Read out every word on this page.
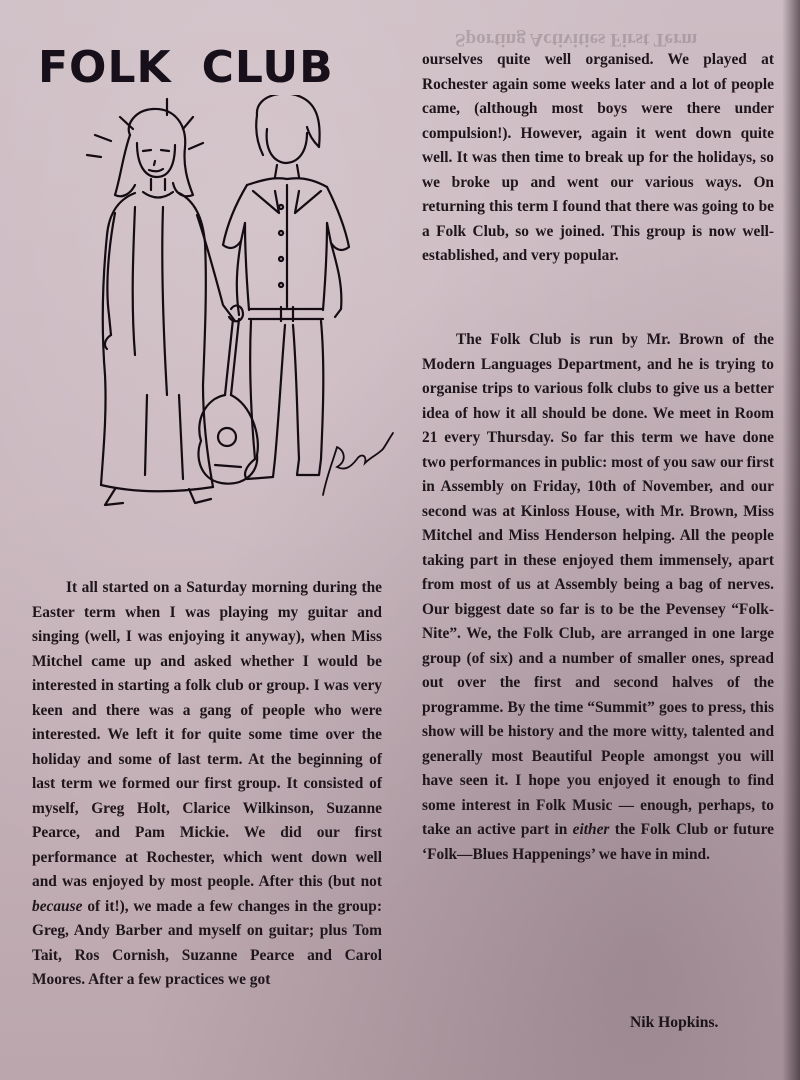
Sporting Activities First Term
FOLK CLUB

It all started on a Saturday morning during the Easter term when I was playing my guitar and singing (well, I was enjoying it anyway), when Miss Mitchel came up and asked whether I would be interested in starting a folk club or group. I was very keen and there was a gang of people who were interested. We left it for quite some time over the holiday and some of last term. At the beginning of last term we formed our first group. It consisted of myself, Greg Holt, Clarice Wilkinson, Suzanne Pearce, and Pam Mickie. We did our first performance at Rochester, which went down well and was enjoyed by most people. After this (but not because of it!), we made a few changes in the group: Greg, Andy Barber and myself on guitar; plus Tom Tait, Ros Cornish, Suzanne Pearce and Carol Moores. After a few practices we got

ourselves quite well organised. We played at Rochester again some weeks later and a lot of people came, (although most boys were there under compulsion!). However, again it went down quite well. It was then time to break up for the holidays, so we broke up and went our various ways. On returning this term I found that there was going to be a Folk Club, so we joined. This group is now well-established, and very popular.

The Folk Club is run by Mr. Brown of the Modern Languages Department, and he is trying to organise trips to various folk clubs to give us a better idea of how it all should be done. We meet in Room 21 every Thursday. So far this term we have done two performances in public: most of you saw our first in Assembly on Friday, 10th of November, and our second was at Kinloss House, with Mr. Brown, Miss Mitchel and Miss Henderson helping. All the people taking part in these enjoyed them immensely, apart from most of us at Assembly being a bag of nerves. Our biggest date so far is to be the Pevensey “Folk-Nite”. We, the Folk Club, are arranged in one large group (of six) and a number of smaller ones, spread out over the first and second halves of the programme. By the time “Summit” goes to press, this show will be history and the more witty, talented and generally most Beautiful People amongst you will have seen it. I hope you enjoyed it enough to find some interest in Folk Music — enough, perhaps, to take an active part in either the Folk Club or future ‘Folk—Blues Happenings’ we have in mind.

Nik Hopkins.
